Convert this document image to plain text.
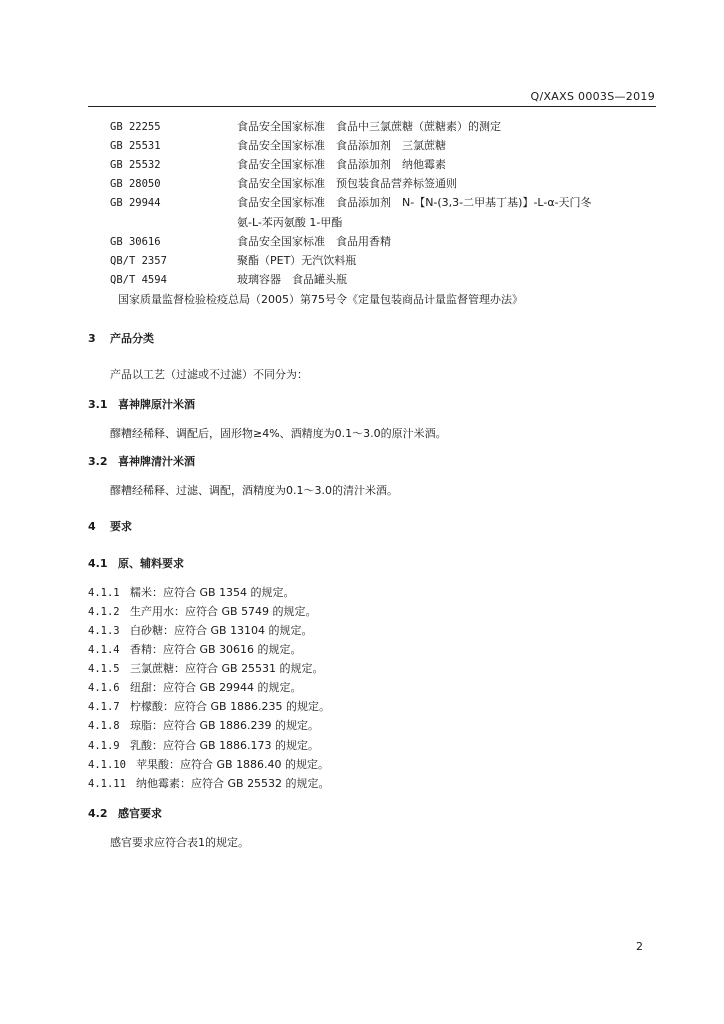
Q/XAXS 0003S—2019
GB 22255	食品安全国家标准　食品中三氯蔗糖（蔗糖素）的测定
GB 25531	食品安全国家标准　食品添加剂　三氯蔗糖
GB 25532	食品安全国家标准　食品添加剂　纳他霉素
GB 28050	食品安全国家标准　预包装食品营养标签通则
GB 29944	食品安全国家标准　食品添加剂　N-【N-(3,3-二甲基丁基)】-L-α-天门冬
氨-L-苯丙氨酸 1-甲酯
GB 30616	食品安全国家标准　食品用香精
QB/T 2357	聚酯（PET）无汽饮料瓶
QB/T 4594	玻璃容器　食品罐头瓶
国家质量监督检验检疫总局（2005）第75号令《定量包装商品计量监督管理办法》
3 产品分类
产品以工艺（过滤或不过滤）不同分为：
3.1 喜神牌原汁米酒
醪糟经稀释、调配后，固形物≥4%、酒精度为0.1～3.0的原汁米酒。
3.2 喜神牌清汁米酒
醪糟经稀释、过滤、调配，酒精度为0.1～3.0的清汁米酒。
4 要求
4.1 原、辅料要求
4.1.1 糯米：应符合 GB 1354 的规定。
4.1.2 生产用水：应符合 GB 5749 的规定。
4.1.3 白砂糖：应符合 GB 13104 的规定。
4.1.4 香精：应符合 GB 30616 的规定。
4.1.5 三氯蔗糖：应符合 GB 25531 的规定。
4.1.6 纽甜：应符合 GB 29944 的规定。
4.1.7 柠檬酸：应符合 GB 1886.235 的规定。
4.1.8 琼脂：应符合 GB 1886.239 的规定。
4.1.9 乳酸：应符合 GB 1886.173 的规定。
4.1.10 苹果酸：应符合 GB 1886.40 的规定。
4.1.11 纳他霉素：应符合 GB 25532 的规定。
4.2 感官要求
感官要求应符合表1的规定。
2
